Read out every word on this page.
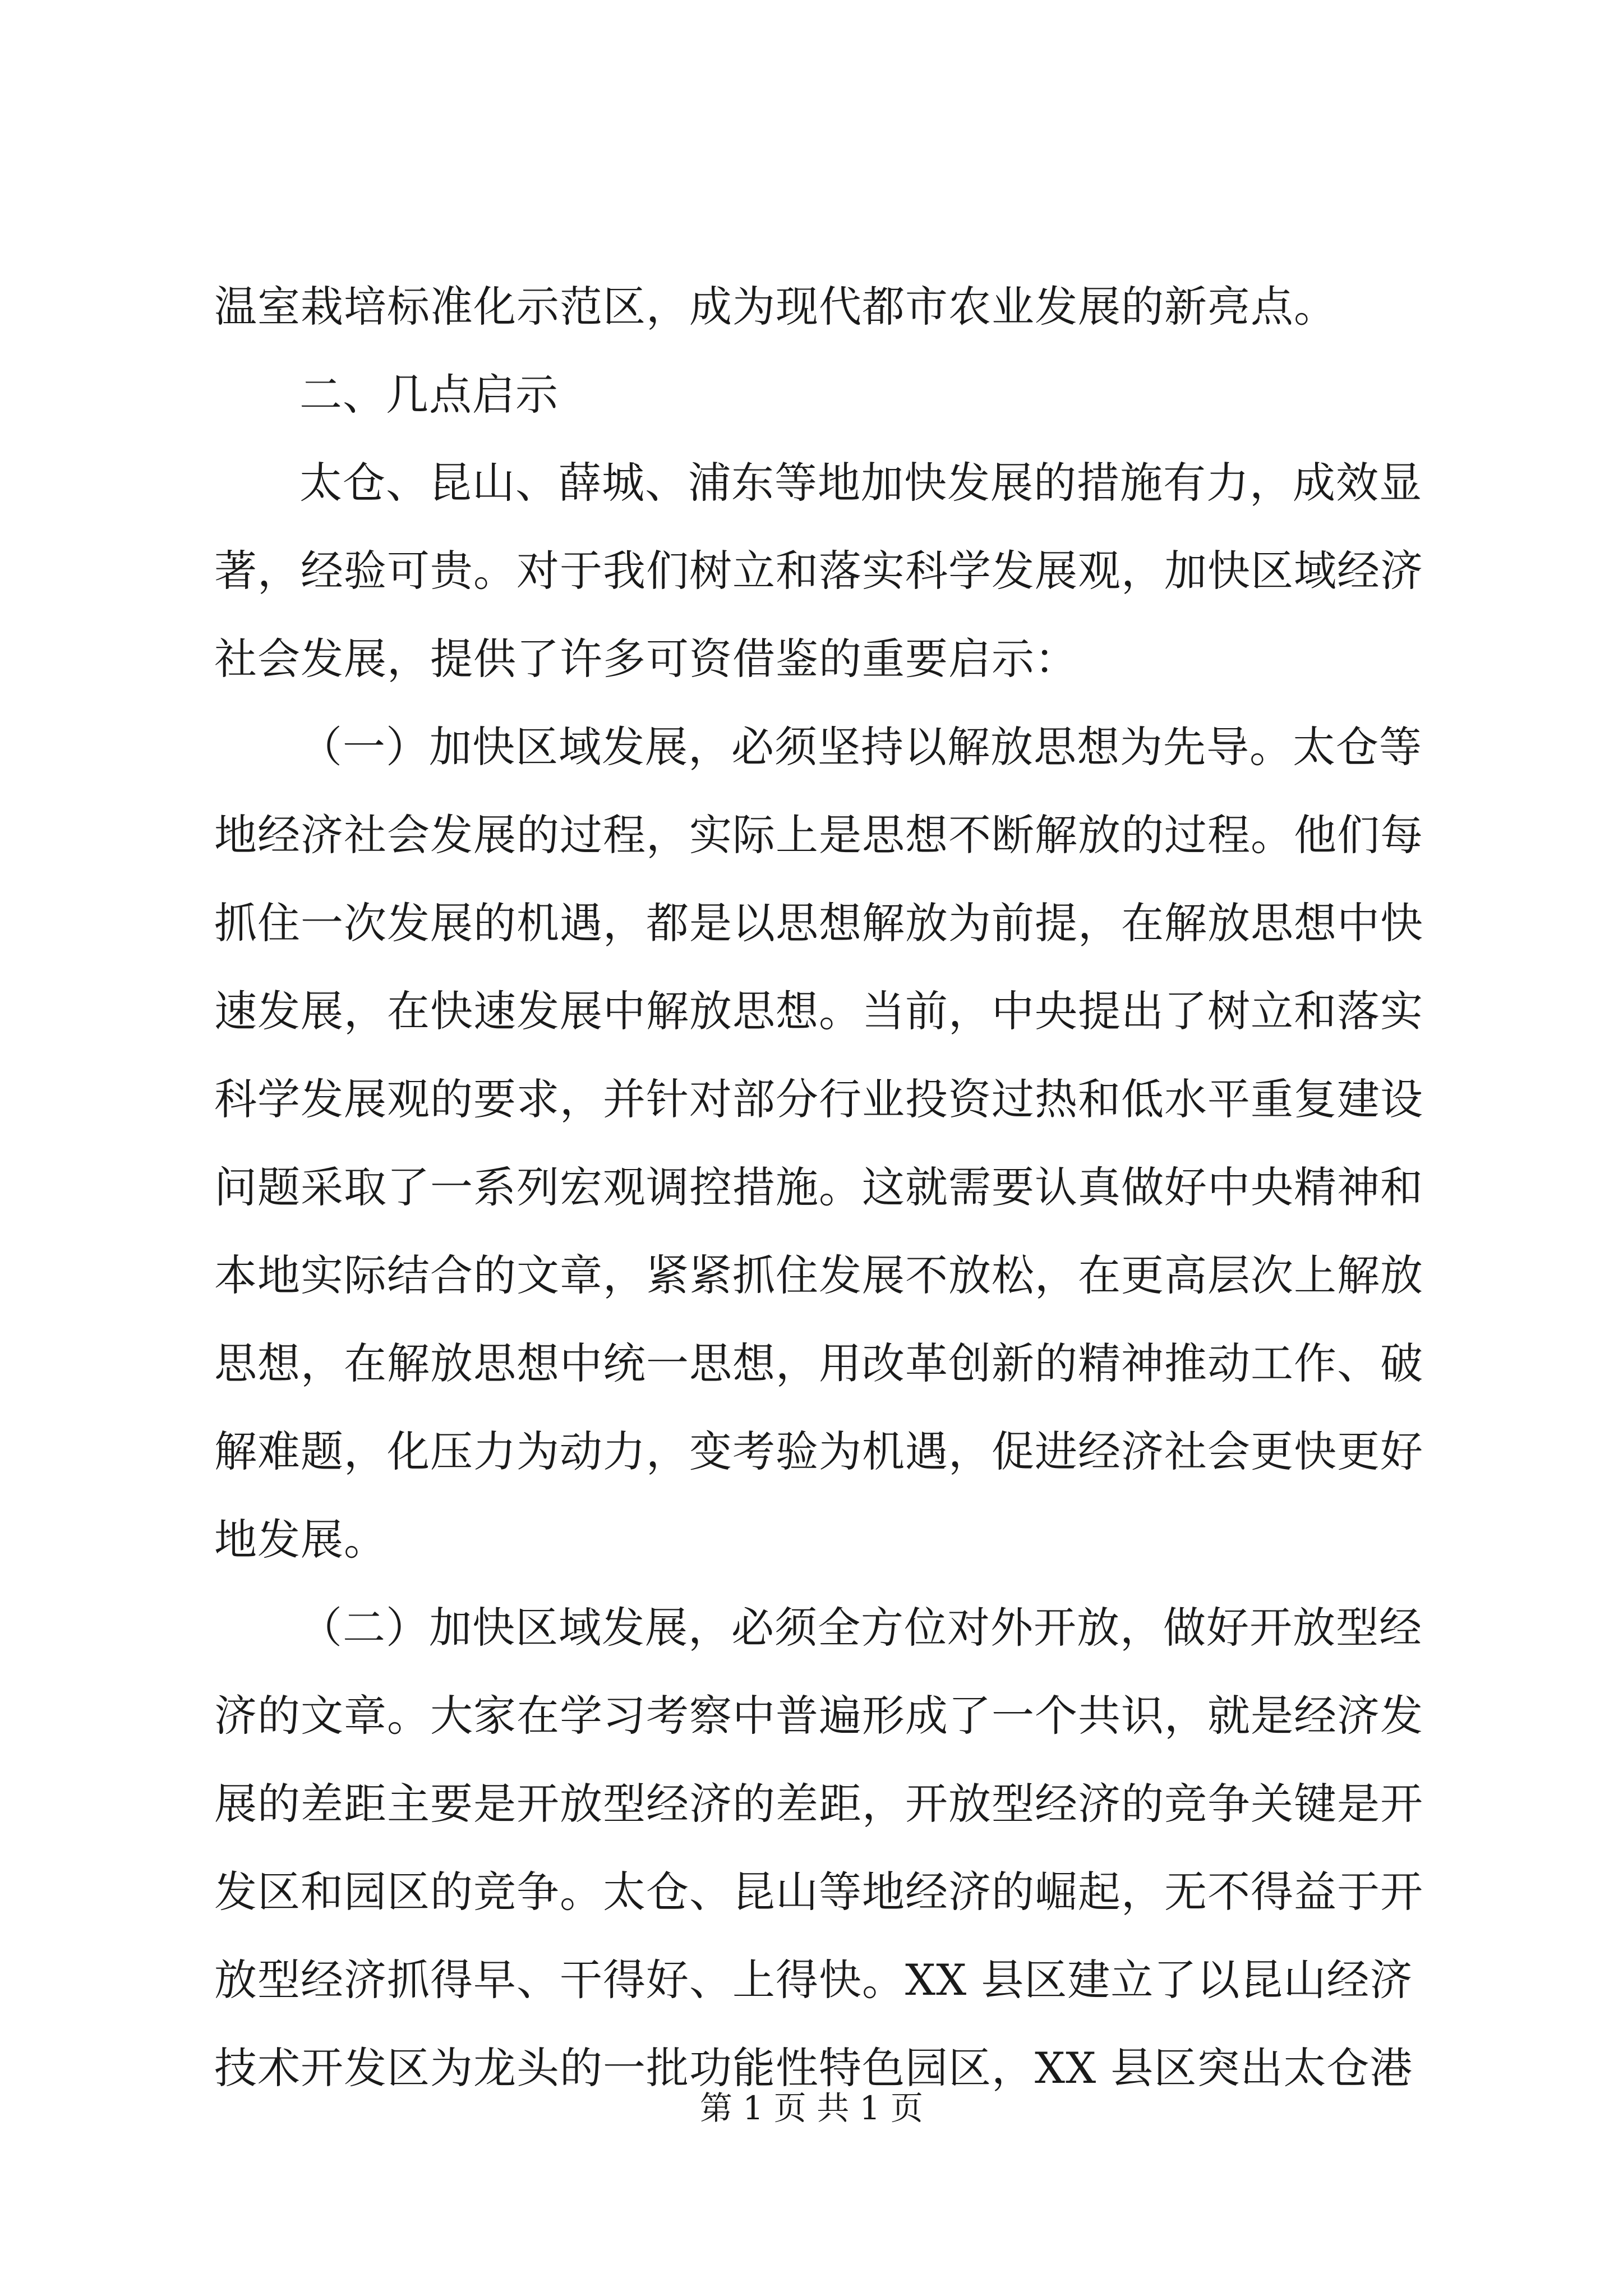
温室栽培标准化示范区，成为现代都市农业发展的新亮点。
二、几点启示
太仓、昆山、薛城、浦东等地加快发展的措施有力，成效显
著，经验可贵。对于我们树立和落实科学发展观，加快区域经济
社会发展，提供了许多可资借鉴的重要启示：
（一）加快区域发展，必须坚持以解放思想为先导。太仓等
地经济社会发展的过程，实际上是思想不断解放的过程。他们每
抓住一次发展的机遇，都是以思想解放为前提，在解放思想中快
速发展，在快速发展中解放思想。当前，中央提出了树立和落实
科学发展观的要求，并针对部分行业投资过热和低水平重复建设
问题采取了一系列宏观调控措施。这就需要认真做好中央精神和
本地实际结合的文章，紧紧抓住发展不放松，在更高层次上解放
思想，在解放思想中统一思想，用改革创新的精神推动工作、破
解难题，化压力为动力，变考验为机遇，促进经济社会更快更好
地发展。
（二）加快区域发展，必须全方位对外开放，做好开放型经
济的文章。大家在学习考察中普遍形成了一个共识，就是经济发
展的差距主要是开放型经济的差距，开放型经济的竞争关键是开
发区和园区的竞争。太仓、昆山等地经济的崛起，无不得益于开
放型经济抓得早、干得好、上得快。XX 县区建立了以昆山经济
技术开发区为龙头的一批功能性特色园区，XX 县区突出太仓港
第 1 页 共 1 页
